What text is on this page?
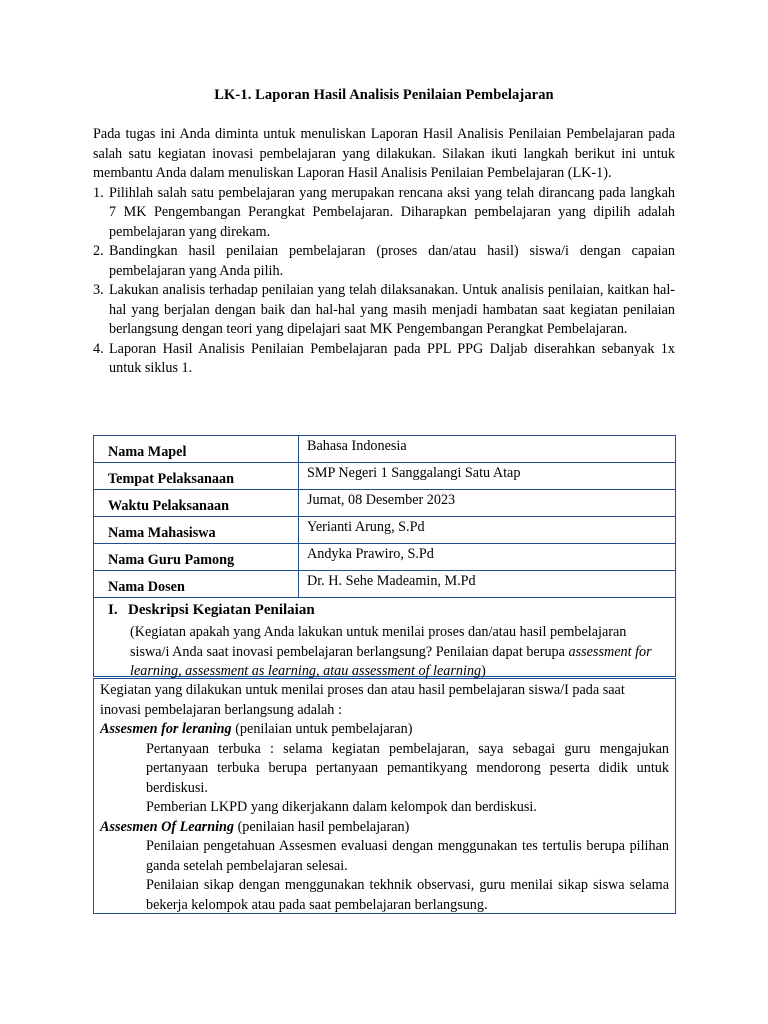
LK-1. Laporan Hasil Analisis Penilaian Pembelajaran

Pada tugas ini Anda diminta untuk menuliskan Laporan Hasil Analisis Penilaian Pembelajaran pada salah satu kegiatan inovasi pembelajaran yang dilakukan. Silakan ikuti langkah berikut ini untuk membantu Anda dalam menuliskan Laporan Hasil Analisis Penilaian Pembelajaran (LK-1).

1. Pilihlah salah satu pembelajaran yang merupakan rencana aksi yang telah dirancang pada langkah 7 MK Pengembangan Perangkat Pembelajaran. Diharapkan pembelajaran yang dipilih adalah pembelajaran yang direkam.
2. Bandingkan hasil penilaian pembelajaran (proses dan/atau hasil) siswa/i dengan capaian pembelajaran yang Anda pilih.
3. Lakukan analisis terhadap penilaian yang telah dilaksanakan. Untuk analisis penilaian, kaitkan hal-hal yang berjalan dengan baik dan hal-hal yang masih menjadi hambatan saat kegiatan penilaian berlangsung dengan teori yang dipelajari saat MK Pengembangan Perangkat Pembelajaran.
4. Laporan Hasil Analisis Penilaian Pembelajaran pada PPL PPG Daljab diserahkan sebanyak 1x untuk siklus 1.
Nama Mapel	Bahasa Indonesia
Tempat Pelaksanaan	SMP Negeri 1 Sanggalangi Satu Atap
Waktu Pelaksanaan	Jumat, 08 Desember 2023
Nama Mahasiswa	Yerianti Arung, S.Pd
Nama Guru Pamong	Andyka Prawiro, S.Pd
Nama Dosen	Dr. H. Sehe Madeamin, M.Pd
I. Deskripsi Kegiatan Penilaian
(Kegiatan apakah yang Anda lakukan untuk menilai proses dan/atau hasil pembelajaran siswa/i Anda saat inovasi pembelajaran berlangsung? Penilaian dapat berupa assessment for learning, assessment as learning, atau assessment of learning)

Kegiatan yang dilakukan untuk menilai proses dan atau hasil pembelajaran siswa/I pada saat inovasi pembelajaran berlangsung adalah :

Assesmen for leraning (penilaian untuk pembelajaran)

Pertanyaan terbuka : selama kegiatan pembelajaran, saya sebagai guru mengajukan pertanyaan terbuka berupa pertanyaan pemantikyang mendorong peserta didik untuk berdiskusi.

Pemberian LKPD yang dikerjakann dalam kelompok dan berdiskusi.

Assesmen Of Learning (penilaian hasil pembelajaran)

Penilaian pengetahuan Assesmen evaluasi dengan menggunakan tes tertulis berupa pilihan ganda setelah pembelajaran selesai.

Penilaian sikap dengan menggunakan tekhnik observasi, guru menilai sikap siswa selama bekerja kelompok atau pada saat pembelajaran berlangsung.
